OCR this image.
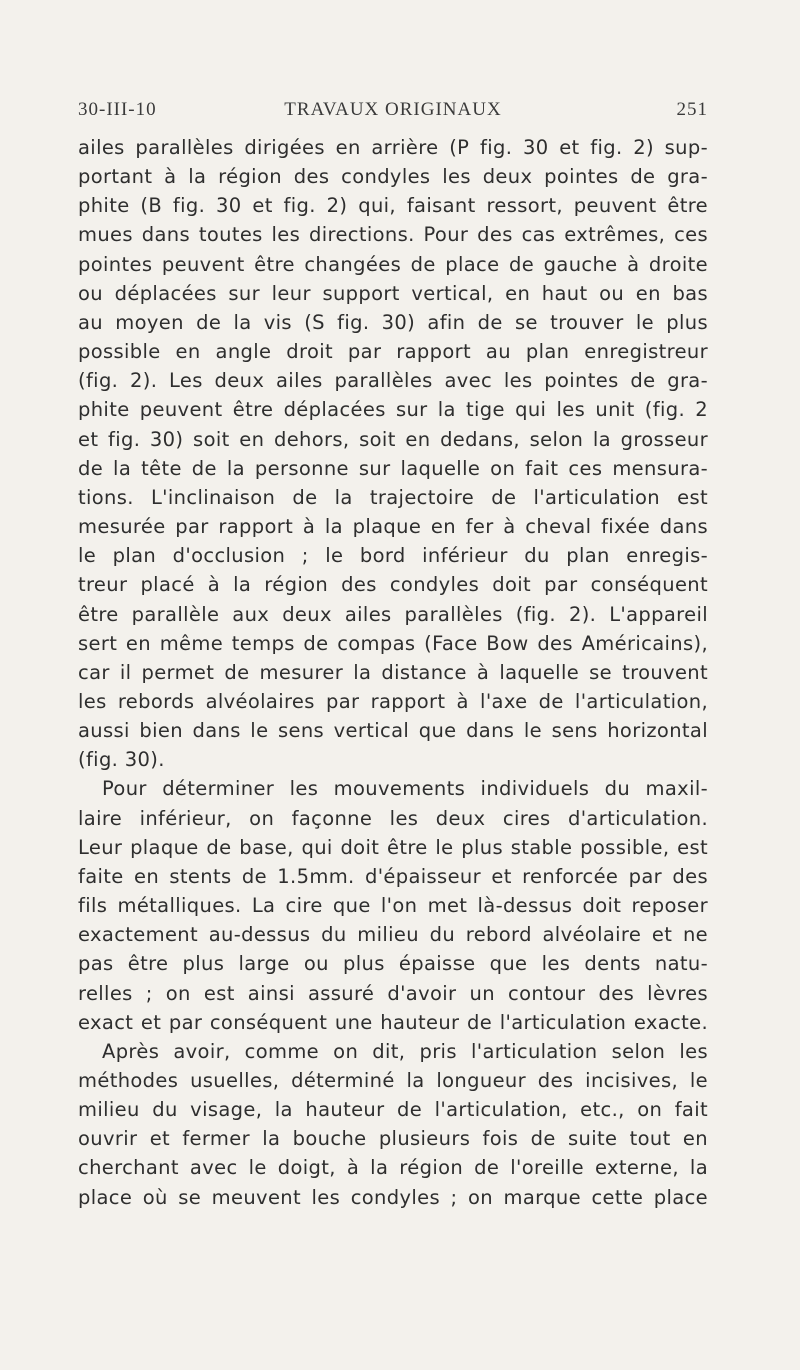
30-III-10	TRAVAUX ORIGINAUX	251

ailes parallèles dirigées en arrière (P fig. 30 et fig. 2) sup-
portant à la région des condyles les deux pointes de gra-
phite (B fig. 30 et fig. 2) qui, faisant ressort, peuvent être
mues dans toutes les directions. Pour des cas extrêmes, ces
pointes peuvent être changées de place de gauche à droite
ou déplacées sur leur support vertical, en haut ou en bas
au moyen de la vis (S fig. 30) afin de se trouver le plus
possible en angle droit par rapport au plan enregistreur
(fig. 2). Les deux ailes parallèles avec les pointes de gra-
phite peuvent être déplacées sur la tige qui les unit (fig. 2
et fig. 30) soit en dehors, soit en dedans, selon la grosseur
de la tête de la personne sur laquelle on fait ces mensura-
tions. L'inclinaison de la trajectoire de l'articulation est
mesurée par rapport à la plaque en fer à cheval fixée dans
le plan d'occlusion ; le bord inférieur du plan enregis-
treur placé à la région des condyles doit par conséquent
être parallèle aux deux ailes parallèles (fig. 2). L'appareil
sert en même temps de compas (Face Bow des Américains),
car il permet de mesurer la distance à laquelle se trouvent
les rebords alvéolaires par rapport à l'axe de l'articulation,
aussi bien dans le sens vertical que dans le sens horizontal
(fig. 30).

Pour déterminer les mouvements individuels du maxil-
laire inférieur, on façonne les deux cires d'articulation.
Leur plaque de base, qui doit être le plus stable possible, est
faite en stents de 1.5mm. d'épaisseur et renforcée par des
fils métalliques. La cire que l'on met là-dessus doit reposer
exactement au-dessus du milieu du rebord alvéolaire et ne
pas être plus large ou plus épaisse que les dents natu-
relles ; on est ainsi assuré d'avoir un contour des lèvres
exact et par conséquent une hauteur de l'articulation exacte.

Après avoir, comme on dit, pris l'articulation selon les
méthodes usuelles, déterminé la longueur des incisives, le
milieu du visage, la hauteur de l'articulation, etc., on fait
ouvrir et fermer la bouche plusieurs fois de suite tout en
cherchant avec le doigt, à la région de l'oreille externe, la
place où se meuvent les condyles ; on marque cette place
